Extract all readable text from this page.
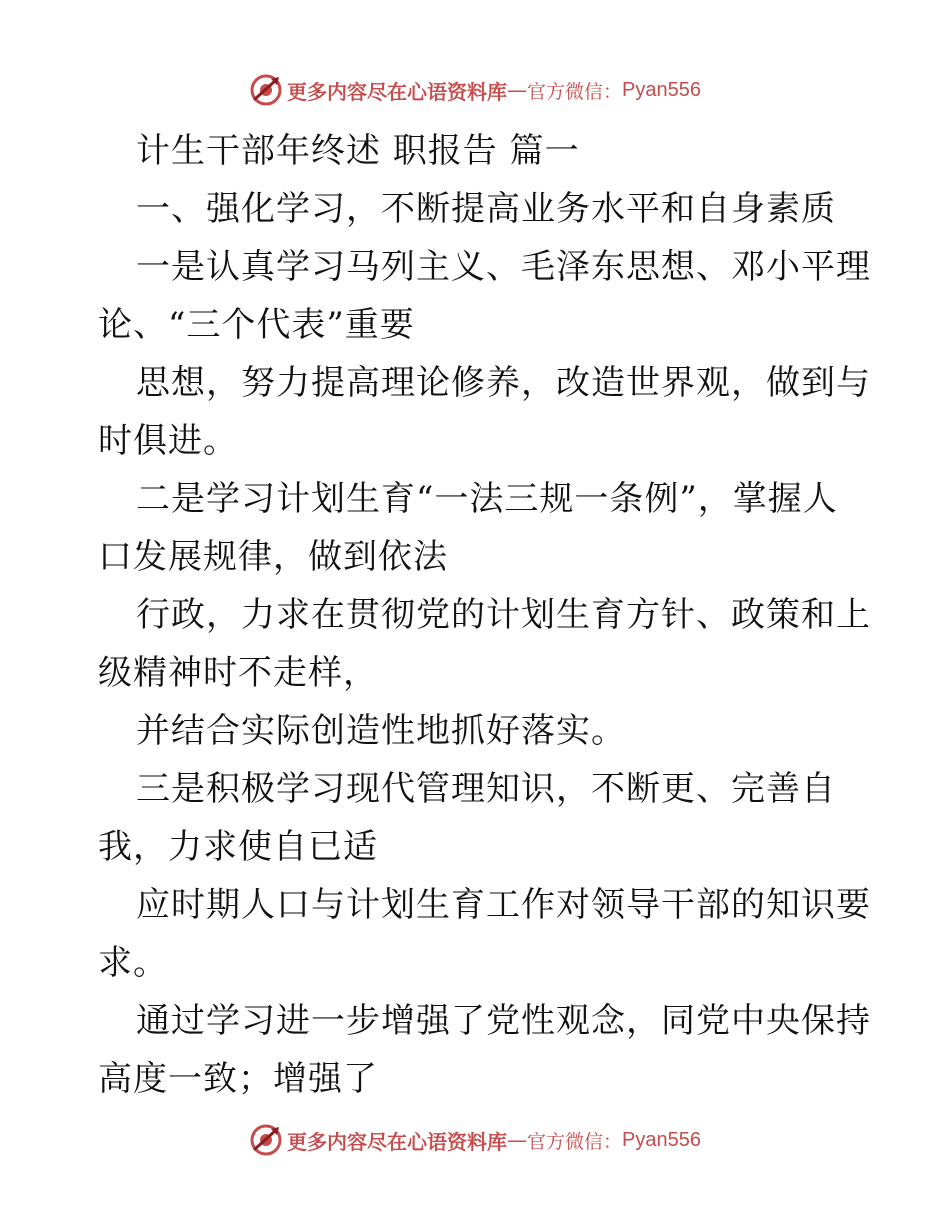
更多内容尽在心语资料库 — 官方微信： Pyan556
计生干部年终述 职报告 篇一
一、强化学习，不断提高业务水平和自身素质
一是认真学习马列主义、毛泽东思想、邓小平理
论、“三个代表”重要
思想，努力提高理论修养，改造世界观，做到与
时俱进。
二是学习计划生育“一法三规一条例”，掌握人
口发展规律，做到依法
行政，力求在贯彻党的计划生育方针、政策和上
级精神时不走样，
并结合实际创造性地抓好落实。
三是积极学习现代管理知识，不断更、完善自
我，力求使自已适
应时期人口与计划生育工作对领导干部的知识要
求。
通过学习进一步增强了党性观念，同党中央保持
高度一致；增强了
更多内容尽在心语资料库 — 官方微信： Pyan556
